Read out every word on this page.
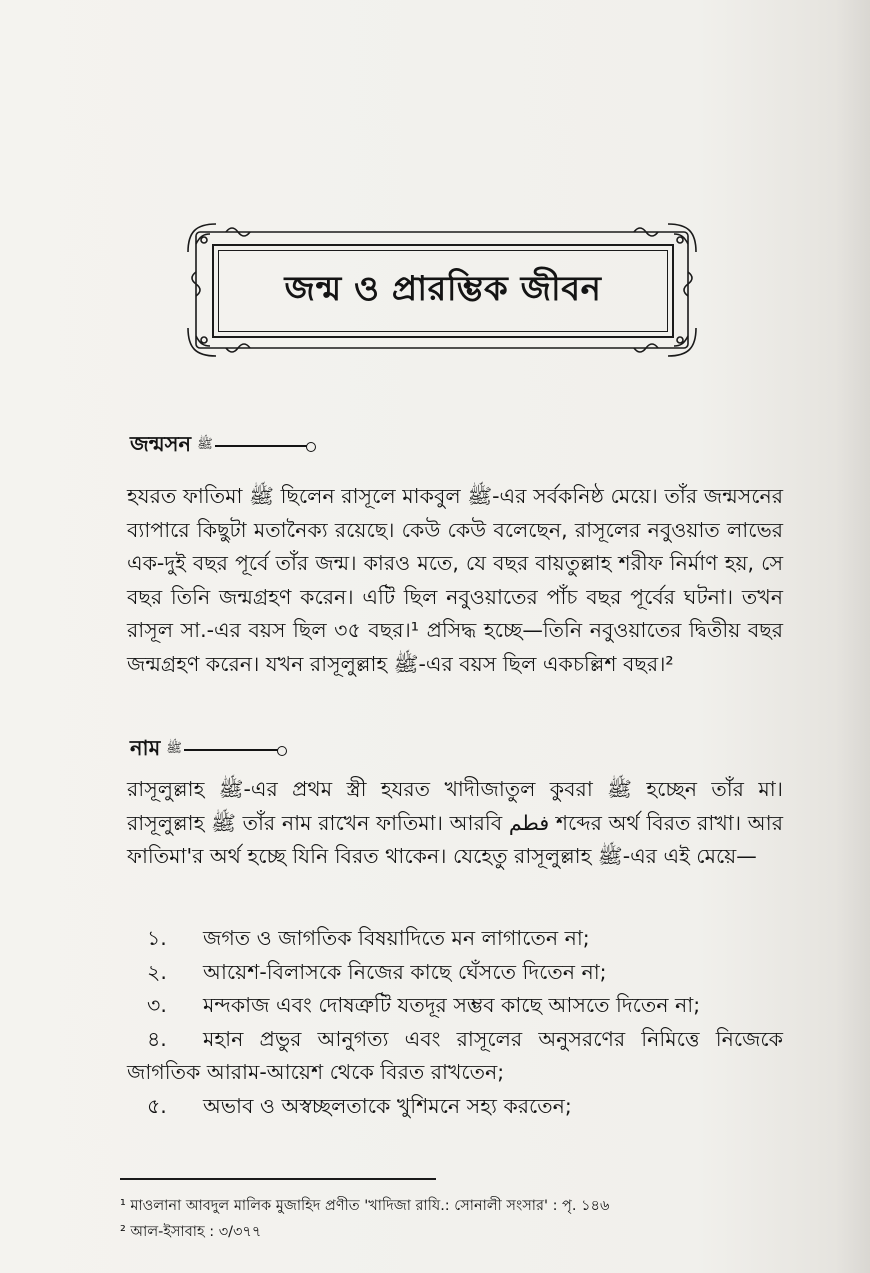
জন্ম ও প্রারম্ভিক জীবন
জন্মসন ﷺ

হযরত ফাতিমা ﷺ ছিলেন রাসূলে মাকবুল ﷺ-এর সর্বকনিষ্ঠ মেয়ে। তাঁর জন্মসনের ব্যাপারে কিছুটা মতানৈক্য রয়েছে। কেউ কেউ বলেছেন, রাসূলের নবুওয়াত লাভের এক-দুই বছর পূর্বে তাঁর জন্ম। কারও মতে, যে বছর বায়তুল্লাহ শরীফ নির্মাণ হয়, সে বছর তিনি জন্মগ্রহণ করেন। এটি ছিল নবুওয়াতের পাঁচ বছর পূর্বের ঘটনা। তখন রাসূল সা.-এর বয়স ছিল ৩৫ বছর।¹ প্রসিদ্ধ হচ্ছে—তিনি নবুওয়াতের দ্বিতীয় বছর জন্মগ্রহণ করেন। যখন রাসূলুল্লাহ ﷺ-এর বয়স ছিল একচল্লিশ বছর।²

নাম ﷺ

রাসূলুল্লাহ ﷺ-এর প্রথম স্ত্রী হযরত খাদীজাতুল কুবরা ﷺ হচ্ছেন তাঁর মা। রাসূলুল্লাহ ﷺ তাঁর নাম রাখেন ফাতিমা। আরবি فطم শব্দের অর্থ বিরত রাখা। আর ফাতিমা'র অর্থ হচ্ছে যিনি বিরত থাকেন। যেহেতু রাসূলুল্লাহ ﷺ-এর এই মেয়ে—

১. জগত ও জাগতিক বিষয়াদিতে মন লাগাতেন না;
২. আয়েশ-বিলাসকে নিজের কাছে ঘেঁসতে দিতেন না;
৩. মন্দকাজ এবং দোষত্রুটি যতদূর সম্ভব কাছে আসতে দিতেন না;
৪. মহান প্রভুর আনুগত্য এবং রাসূলের অনুসরণের নিমিত্তে নিজেকে জাগতিক আরাম-আয়েশ থেকে বিরত রাখতেন;
৫. অভাব ও অস্বচ্ছলতাকে খুশিমনে সহ্য করতেন;
¹ মাওলানা আবদুল মালিক মুজাহিদ প্রণীত 'খাদিজা রাযি.: সোনালী সংসার' : পৃ. ১৪৬
² আল-ইসাবাহ : ৩/৩৭৭
